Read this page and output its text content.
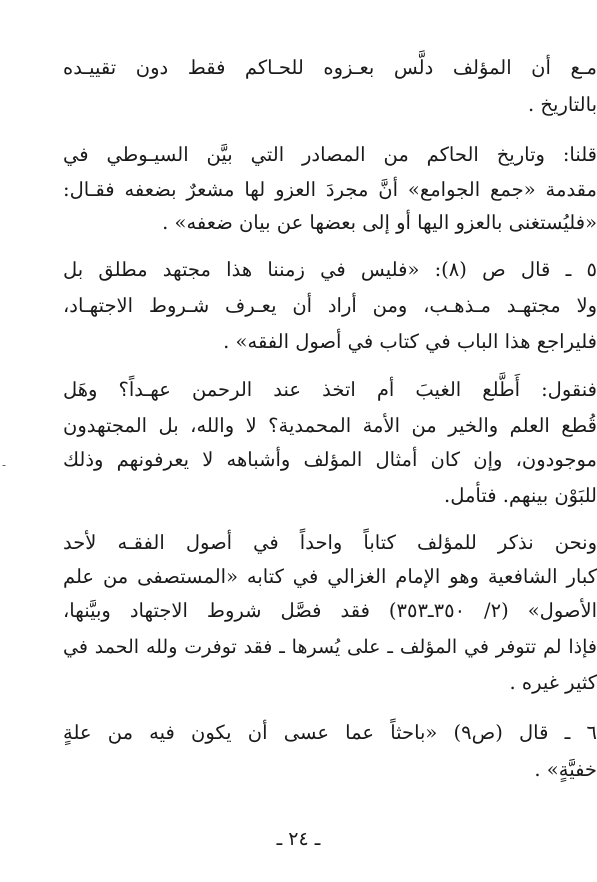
مـع أن المؤلف دلَّس بعـزوه للحـاكم فقط دون تقييـده
بالتاريخ .
قلنا: وتاريخ الحاكم من المصادر التي بيَّن السيـوطي في
مقدمة «جمع الجوامع» أنَّ مجردَ العزو لها مشعرٌ بضعفه فقـال:
«فليُستغنى بالعزو اليها أو إلى بعضها عن بيان ضعفه» .
٥ ـ قال ص (٨): «فليس في زمننا هذا مجتهد مطلق بل
ولا مجتهـد مـذهـب، ومن أراد أن يعـرف شـروط الاجتهـاد،
فليراجع هذا الباب في كتاب في أصول الفقه» .
فنقول: أَطَّلع الغيبَ أم اتخذ عند الرحمن عهـداً؟ وهَل
قُطع العلم والخير من الأمة المحمدية؟ لا والله، بل المجتهدون
موجودون، وإن كان أمثال المؤلف وأشباهه لا يعرفونهم وذلك
للبَوْن بينهم. فتأمل.
ونحن نذكر للمؤلف كتاباً واحداً في أصول الفقـه لأحد
كبار الشافعية وهو الإمام الغزالي في كتابه «المستصفى من علم
الأصول» (٢/ ٣٥٠ـ٣٥٣) فقد فصَّل شروط الاجتهاد وبيَّنها،
فإذا لم تتوفر في المؤلف ـ على يُسرها ـ فقد توفرت ولله الحمد في
كثير غيره .
٦ ـ قال (ص٩) «باحثاً عما عسى أن يكون فيه من علةٍ
خفيَّةٍ» .
-
ـ ٢٤ ـ
